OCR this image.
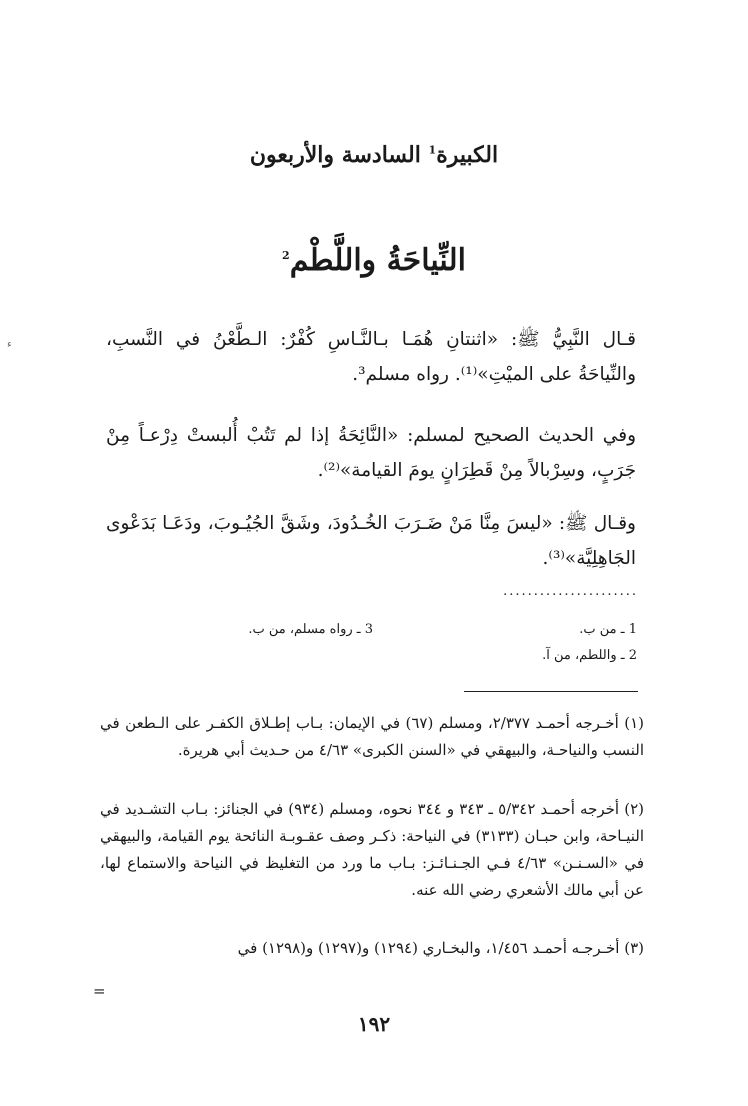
ء
الكبيرة$^1$ السادسة والأربعون
النِّياحَةُ واللَّطْم$^2$
قـال النَّبِيُّ ﷺ: «اثنتانِ هُمَـا بـالنَّـاسِ كُفْرٌ: الـطَّعْنُ في النَّسبِ، والنِّياحَةُ على الميْتِ»⁽¹⁾. رواه مسلم³.
وفي الحديث الصحيح لمسلم: «النَّائِحَةُ إذا لم تَتُبْ أُلبستْ دِرْعـاً مِنْ جَرَبٍ، وسِرْبالاً مِنْ قَطِرَانٍ يومَ القيامة»⁽²⁾.
وقـال ﷺ: «ليسَ مِنَّا مَنْ ضَـرَبَ الخُـدُودَ، وشَقَّ الجُيُـوبَ، ودَعَـا بَدَعْوى الجَاهِلِيَّة»⁽³⁾.
......................
1 ـ من ب.
2 ـ واللطم، من آ.
3 ـ رواه مسلم، من ب.
(١) أخـرجه أحمـد ٢/٣٧٧، ومسلم (٦٧) في الإيمان: بـاب إطـلاق الكفـر على الـطعن في النسب والنياحـة، والبيهقي في «السنن الكبرى» ٤/٦٣ من حـديث أبي هريرة.
(٢) أخرجه أحمـد ٥/٣٤٢ ـ ٣٤٣ و ٣٤٤ نحوه، ومسلم (٩٣٤) في الجنائز: بـاب التشـديد في النيـاحة، وابن حبـان (٣١٣٣) في النياحة: ذكـر وصف عقـوبـة النائحة يوم القيامة، والبيهقي في «السـنـن» ٤/٦٣ فـي الجـنـائـز: بـاب ما ورد من التغليظ في النياحة والاستماع لها، عن أبي مالك الأشعري رضي الله عنه.
(٣) أخـرجـه أحمـد ١/٤٥٦، والبخـاري (١٢٩٤) و(١٢٩٧) و(١٢٩٨) في
=
١٩٢
